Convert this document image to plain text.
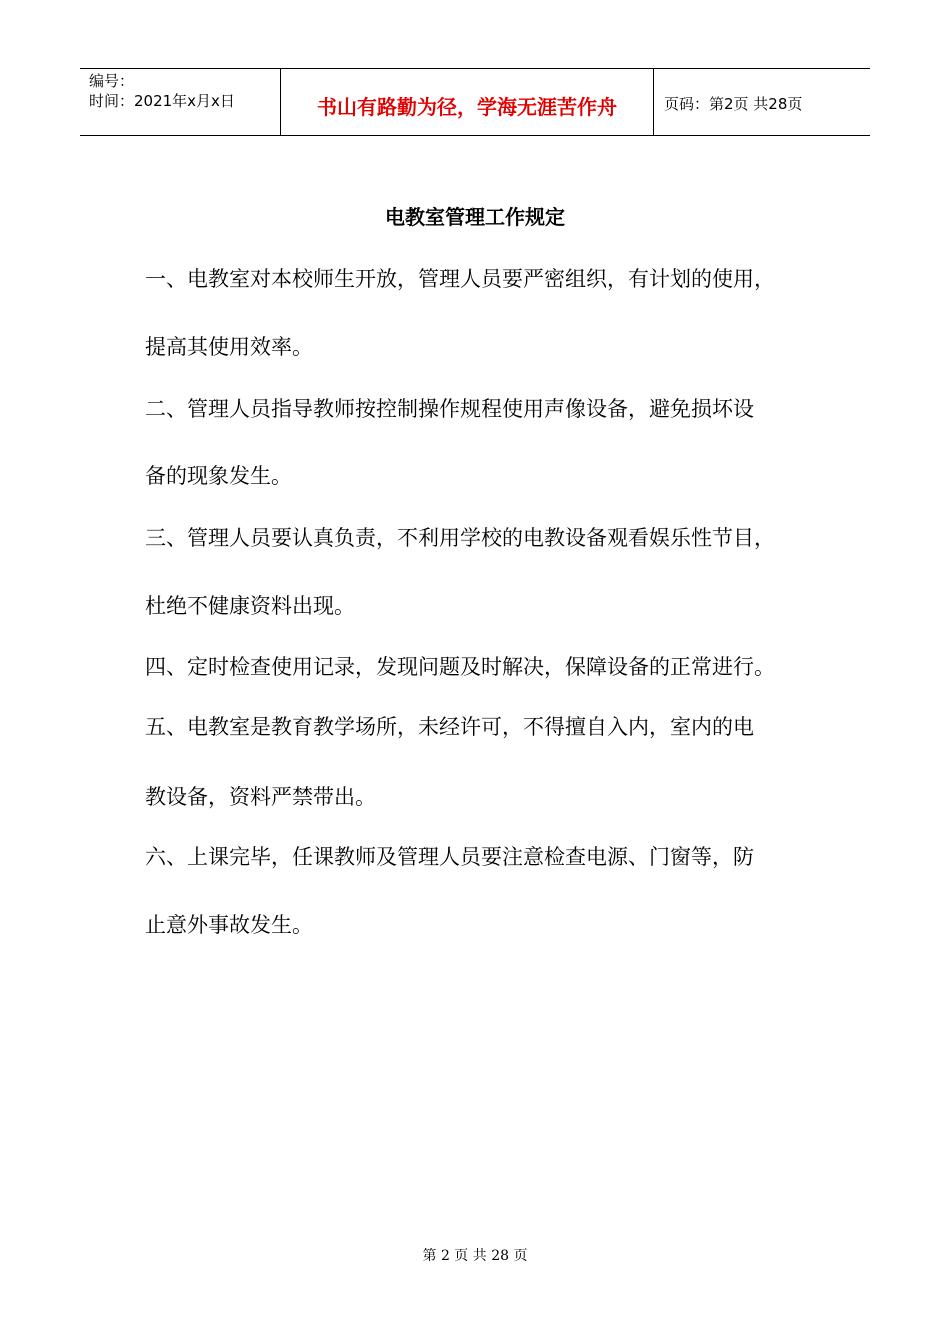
编号：
时间：2021年x月x日	书山有路勤为径，学海无涯苦作舟	页码：第2页 共28页
电教室管理工作规定

一、电教室对本校师生开放，管理人员要严密组织，有计划的使用，

提高其使用效率。

二、管理人员指导教师按控制操作规程使用声像设备，避免损坏设

备的现象发生。

三、管理人员要认真负责，不利用学校的电教设备观看娱乐性节目，

杜绝不健康资料出现。

四、定时检查使用记录，发现问题及时解决，保障设备的正常进行。

五、电教室是教育教学场所，未经许可，不得擅自入内，室内的电

教设备，资料严禁带出。

六、上课完毕，任课教师及管理人员要注意检查电源、门窗等，防

止意外事故发生。

第 2 页 共 28 页
